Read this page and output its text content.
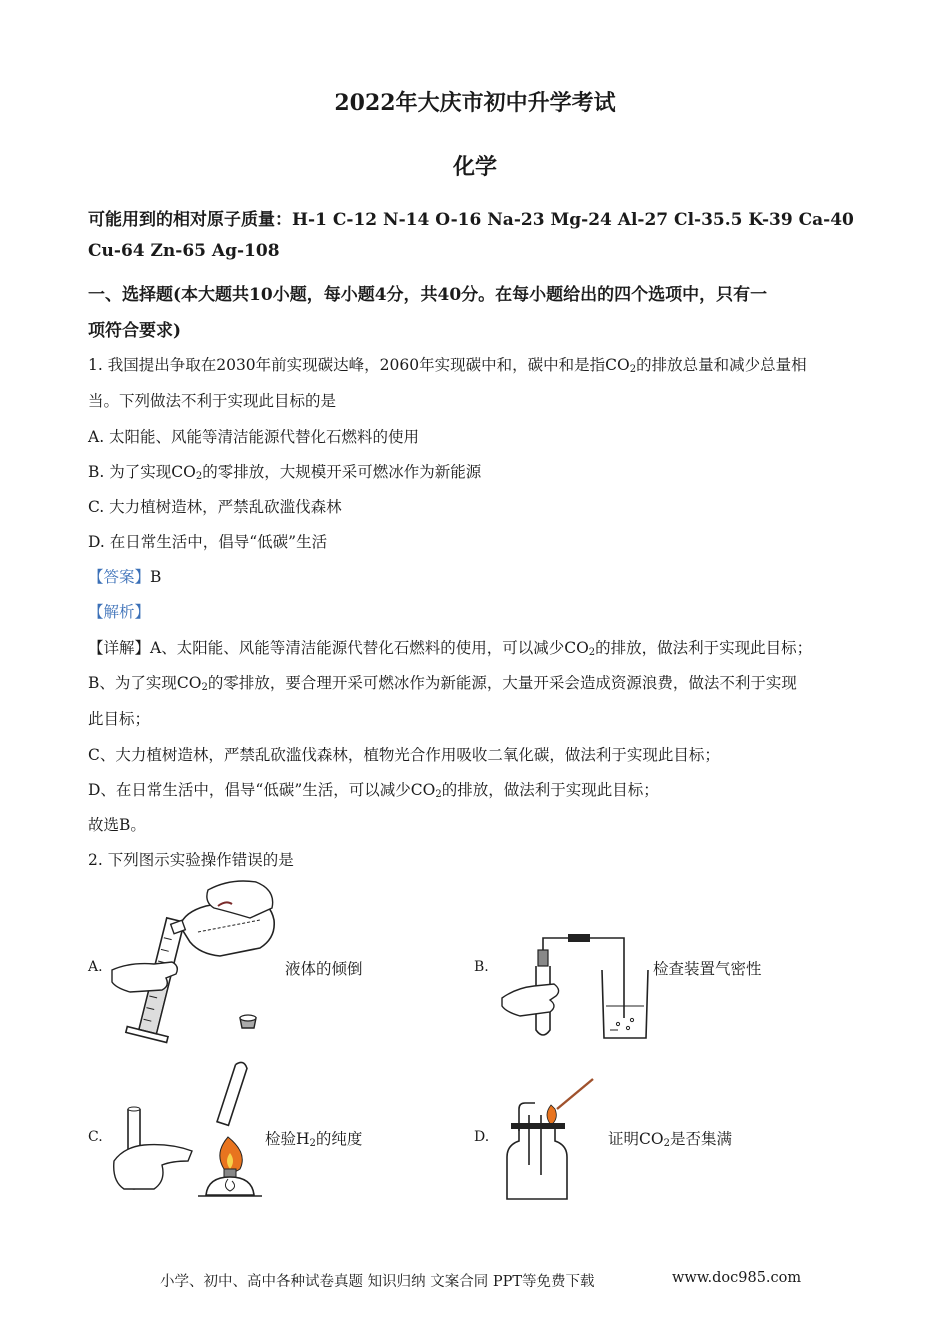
2022年大庆市初中升学考试
化学
可能用到的相对原子质量：H-1 C-12 N-14 O-16 Na-23 Mg-24 Al-27 Cl-35.5 K-39 Ca-40
Cu-64 Zn-65 Ag-108
一、选择题(本大题共10小题，每小题4分，共40分。在每小题给出的四个选项中，只有一
项符合要求)
1. 我国提出争取在2030年前实现碳达峰，2060年实现碳中和，碳中和是指$CO_2$的排放总量和减少总量相
当。下列做法不利于实现此目标的是
A. 太阳能、风能等清洁能源代替化石燃料的使用
B. 为了实现$CO_2$的零排放，大规模开采可燃冰作为新能源
C. 大力植树造林，严禁乱砍滥伐森林
D. 在日常生活中，倡导“低碳”生活
【答案】B
【解析】
【详解】A、太阳能、风能等清洁能源代替化石燃料的使用，可以减少$CO_2$的排放，做法利于实现此目标；
B、为了实现$CO_2$的零排放，要合理开采可燃冰作为新能源，大量开采会造成资源浪费，做法不利于实现
此目标；
C、大力植树造林，严禁乱砍滥伐森林，植物光合作用吸收二氧化碳，做法利于实现此目标；
D、在日常生活中，倡导“低碳”生活，可以减少$CO_2$的排放，做法利于实现此目标；
故选B。
2. 下列图示实验操作错误的是
A.	液体的倾倒	B.	检查装置气密性
C.	检验$H_2$的纯度	D.	证明$CO_2$是否集满
小学、初中、高中各种试卷真题 知识归纳 文案合同 PPT等免费下载	www.doc985.com
